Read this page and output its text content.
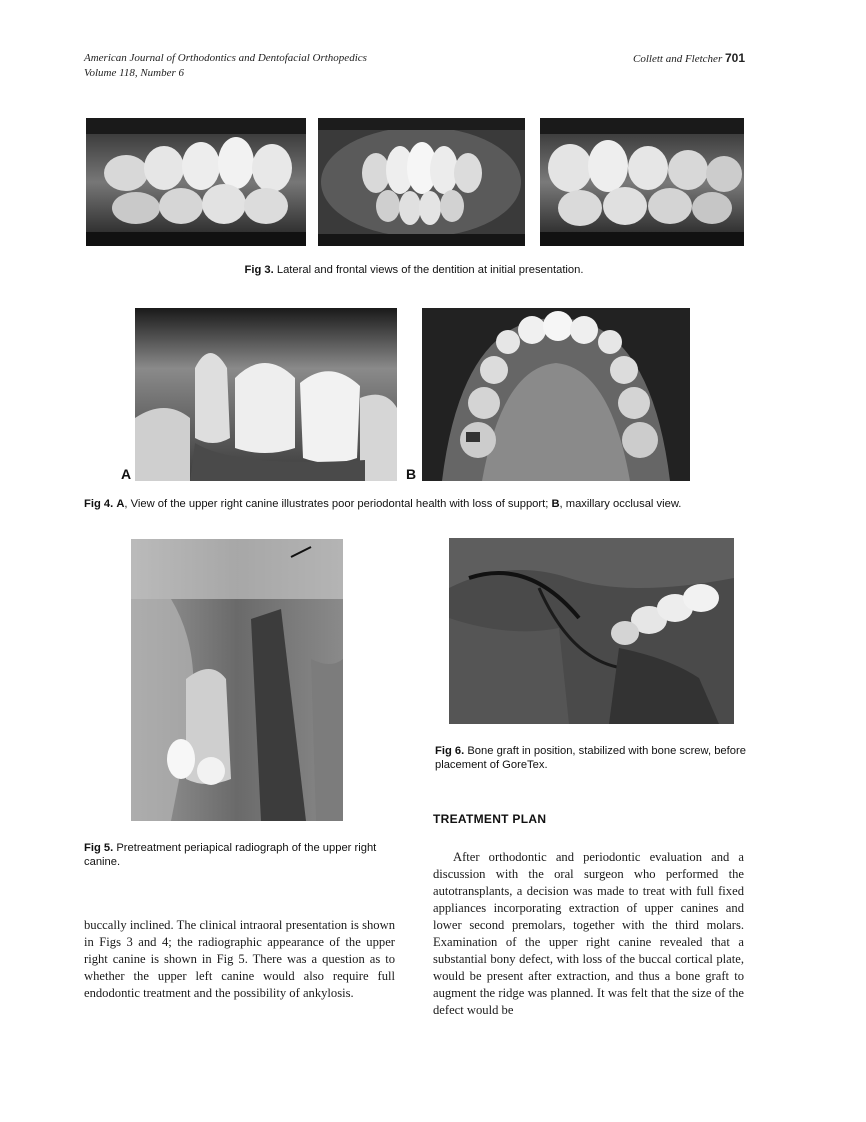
American Journal of Orthodontics and Dentofacial Orthopedics
Volume 118, Number 6
Collett and Fletcher 701
Fig 3. Lateral and frontal views of the dentition at initial presentation.
A	B
Fig 4. A, View of the upper right canine illustrates poor periodontal health with loss of support; B, maxillary occlusal view.
Fig 5. Pretreatment periapical radiograph of the upper right canine.
Fig 6. Bone graft in position, stabilized with bone screw, before placement of GoreTex.
TREATMENT PLAN

After orthodontic and periodontic evaluation and a discussion with the oral surgeon who performed the autotransplants, a decision was made to treat with full fixed appliances incorporating extraction of upper canines and lower second premolars, together with the third molars. Examination of the upper right canine revealed that a substantial bony defect, with loss of the buccal cortical plate, would be present after extraction, and thus a bone graft to augment the ridge was planned. It was felt that the size of the defect would be

buccally inclined. The clinical intraoral presentation is shown in Figs 3 and 4; the radiographic appearance of the upper right canine is shown in Fig 5. There was a question as to whether the upper left canine would also require full endodontic treatment and the possibility of ankylosis.
